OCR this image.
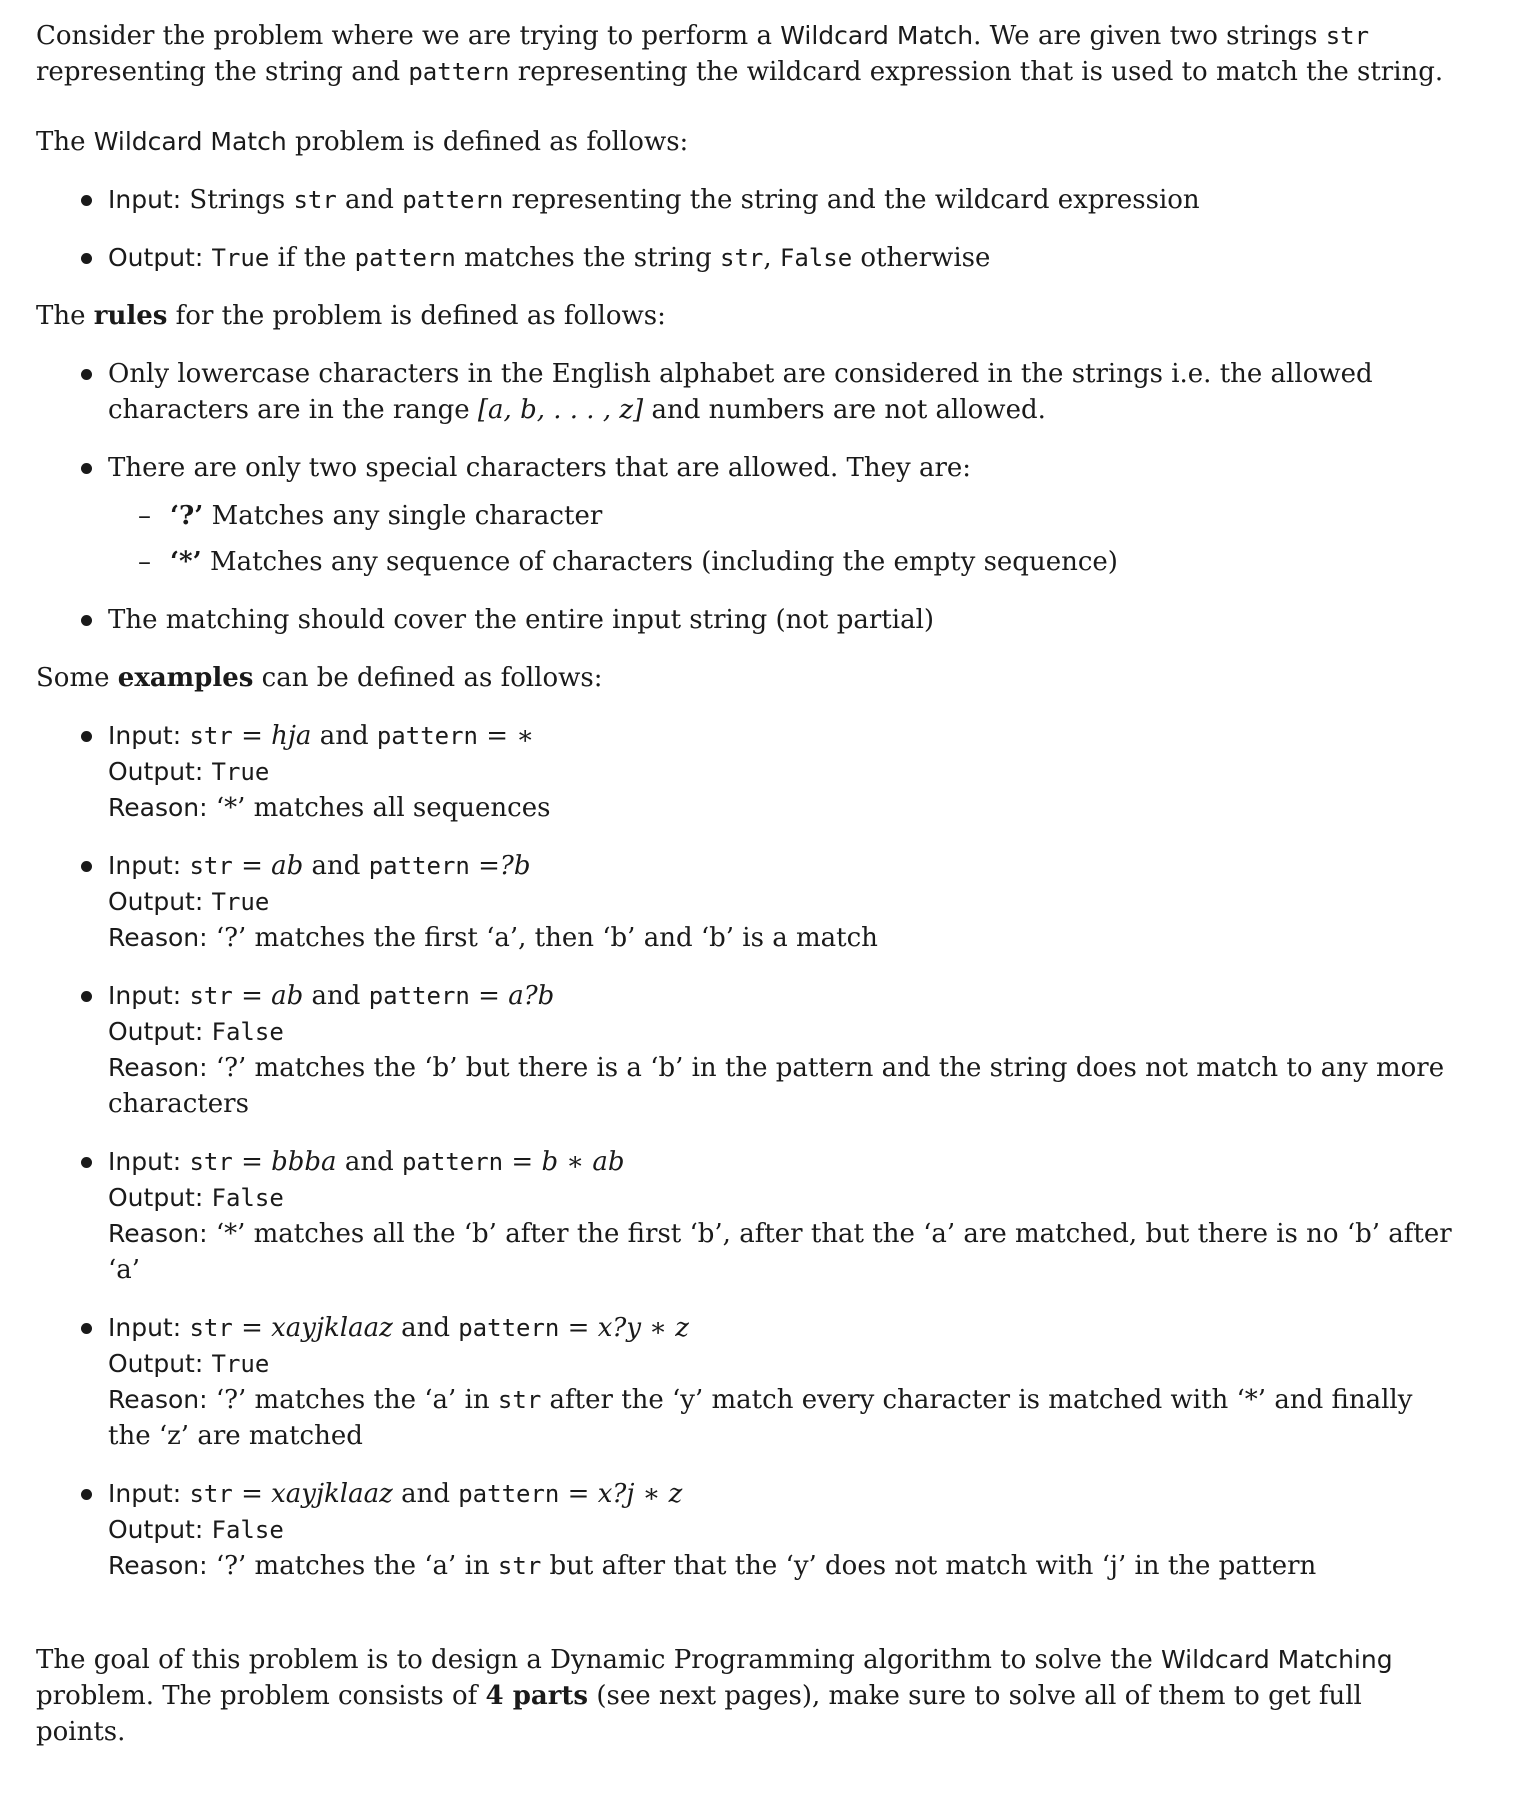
Consider the problem where we are trying to perform a Wildcard Match. We are given two strings str representing the string and pattern representing the wildcard expression that is used to match the string.

The Wildcard Match problem is defined as follows:

Input: Strings str and pattern representing the string and the wildcard expression
Output: True if the pattern matches the string str, False otherwise

The rules for the problem is defined as follows:

Only lowercase characters in the English alphabet are considered in the strings i.e. the allowed characters are in the range [a, b, . . . , z] and numbers are not allowed.
There are only two special characters that are allowed. They are:
– ‘?’ Matches any single character
– ‘*’ Matches any sequence of characters (including the empty sequence)
The matching should cover the entire input string (not partial)

Some examples can be defined as follows:

Input: str = hja and pattern = ∗
Output: True
Reason: ‘*’ matches all sequences
Input: str = ab and pattern =?b
Output: True
Reason: ‘?’ matches the first ‘a’, then ‘b’ and ‘b’ is a match
Input: str = ab and pattern = a?b
Output: False
Reason: ‘?’ matches the ‘b’ but there is a ‘b’ in the pattern and the string does not match to any more characters
Input: str = bbba and pattern = b ∗ ab
Output: False
Reason: ‘*’ matches all the ‘b’ after the first ‘b’, after that the ‘a’ are matched, but there is no ‘b’ after ‘a’
Input: str = xayjklaaz and pattern = x?y ∗ z
Output: True
Reason: ‘?’ matches the ‘a’ in str after the ‘y’ match every character is matched with ‘*’ and finally the ‘z’ are matched
Input: str = xayjklaaz and pattern = x?j ∗ z
Output: False
Reason: ‘?’ matches the ‘a’ in str but after that the ‘y’ does not match with ‘j’ in the pattern

The goal of this problem is to design a Dynamic Programming algorithm to solve the Wildcard Matching problem. The problem consists of 4 parts (see next pages), make sure to solve all of them to get full points.
